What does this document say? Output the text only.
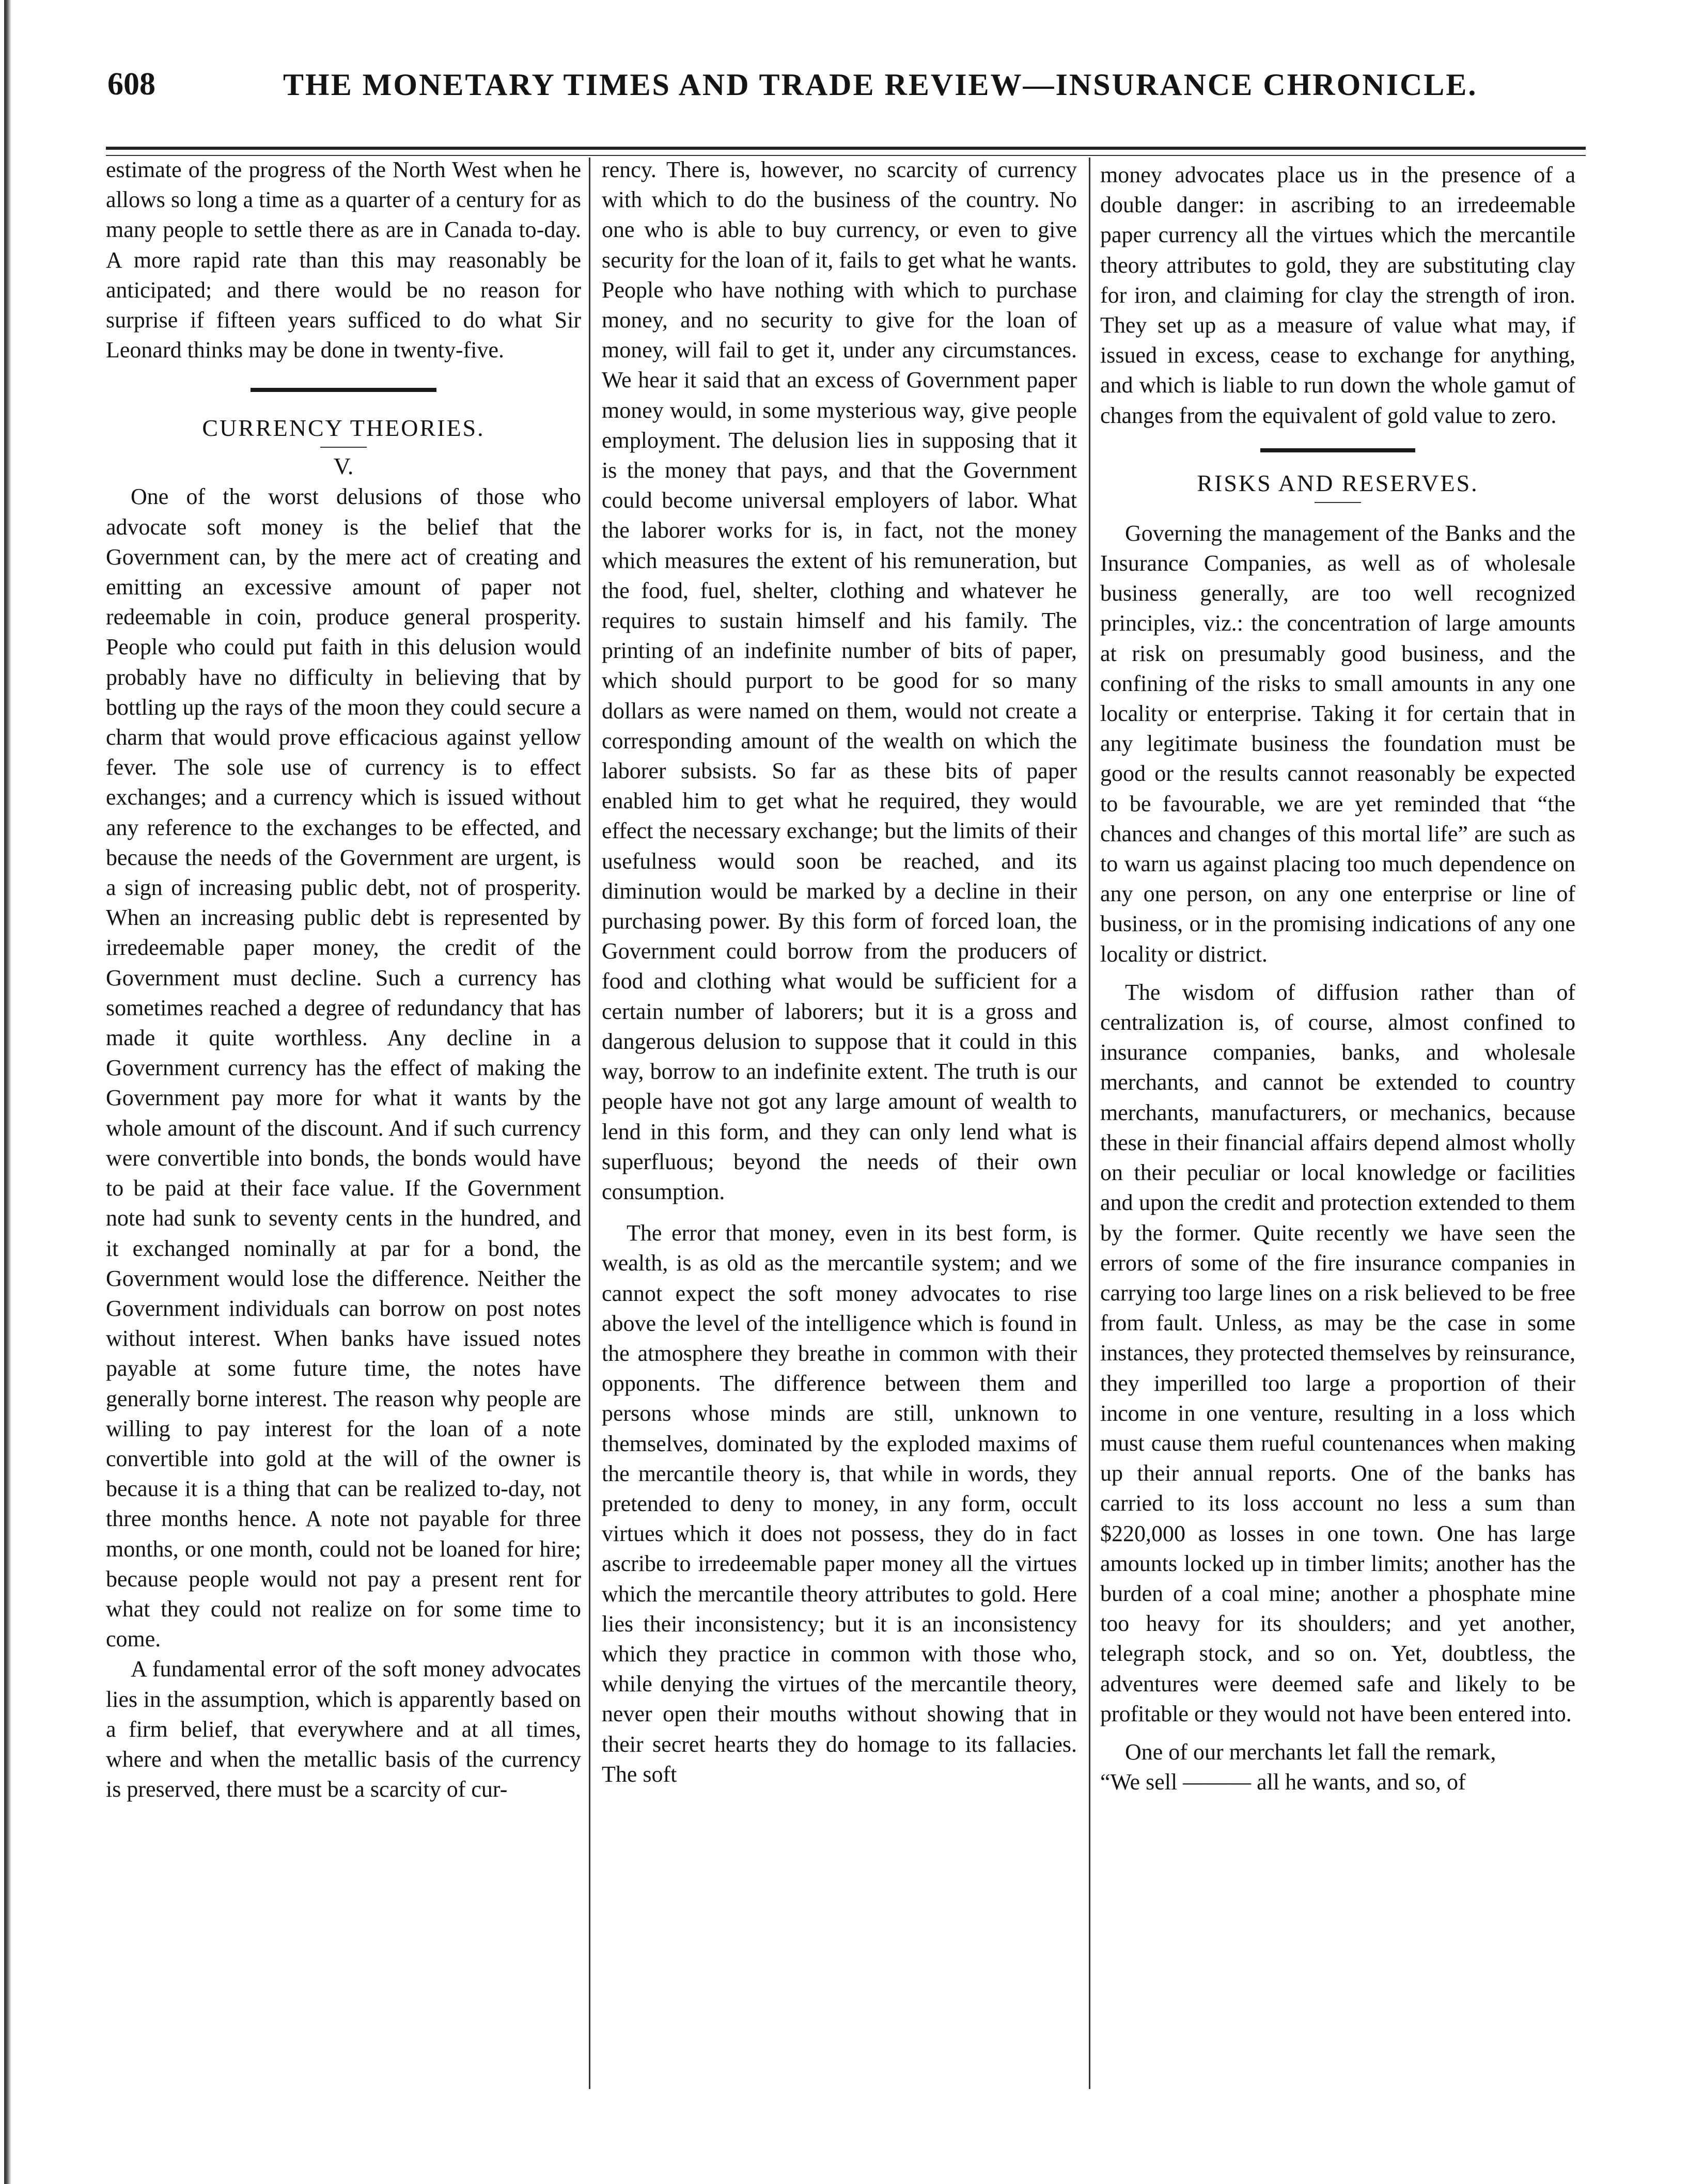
608	THE MONETARY TIMES AND TRADE REVIEW—INSURANCE CHRONICLE.

estimate of the progress of the North West when he allows so long a time as a quarter of a century for as many people to settle there as are in Canada to-day. A more rapid rate than this may reasonably be anticipated; and there would be no reason for surprise if fifteen years sufficed to do what Sir Leonard thinks may be done in twenty-five.

CURRENCY THEORIES.

V.

One of the worst delusions of those who advocate soft money is the belief that the Government can, by the mere act of creating and emitting an excessive amount of paper not redeemable in coin, produce general prosperity. People who could put faith in this delusion would probably have no difficulty in believing that by bottling up the rays of the moon they could secure a charm that would prove efficacious against yellow fever. The sole use of currency is to effect exchanges; and a currency which is issued without any reference to the exchanges to be effected, and because the needs of the Government are urgent, is a sign of increasing public debt, not of prosperity. When an increasing public debt is represented by irredeemable paper money, the credit of the Government must decline. Such a currency has sometimes reached a degree of redundancy that has made it quite worthless. Any decline in a Government currency has the effect of making the Government pay more for what it wants by the whole amount of the discount. And if such currency were convertible into bonds, the bonds would have to be paid at their face value. If the Government note had sunk to seventy cents in the hundred, and it exchanged nominally at par for a bond, the Government would lose the difference. Neither the Government individuals can borrow on post notes without interest. When banks have issued notes payable at some future time, the notes have generally borne interest. The reason why people are willing to pay interest for the loan of a note convertible into gold at the will of the owner is because it is a thing that can be realized to-day, not three months hence. A note not payable for three months, or one month, could not be loaned for hire; because people would not pay a present rent for what they could not realize on for some time to come.

A fundamental error of the soft money advocates lies in the assumption, which is apparently based on a firm belief, that everywhere and at all times, where and when the metallic basis of the currency is preserved, there must be a scarcity of cur-

rency. There is, however, no scarcity of currency with which to do the business of the country. No one who is able to buy currency, or even to give security for the loan of it, fails to get what he wants. People who have nothing with which to purchase money, and no security to give for the loan of money, will fail to get it, under any circumstances. We hear it said that an excess of Government paper money would, in some mysterious way, give people employment. The delusion lies in supposing that it is the money that pays, and that the Government could become universal employers of labor. What the laborer works for is, in fact, not the money which measures the extent of his remuneration, but the food, fuel, shelter, clothing and whatever he requires to sustain himself and his family. The printing of an indefinite number of bits of paper, which should purport to be good for so many dollars as were named on them, would not create a corresponding amount of the wealth on which the laborer subsists. So far as these bits of paper enabled him to get what he required, they would effect the necessary exchange; but the limits of their usefulness would soon be reached, and its diminution would be marked by a decline in their purchasing power. By this form of forced loan, the Government could borrow from the producers of food and clothing what would be sufficient for a certain number of laborers; but it is a gross and dangerous delusion to suppose that it could in this way, borrow to an indefinite extent. The truth is our people have not got any large amount of wealth to lend in this form, and they can only lend what is superfluous; beyond the needs of their own consumption.

The error that money, even in its best form, is wealth, is as old as the mercantile system; and we cannot expect the soft money advocates to rise above the level of the intelligence which is found in the atmosphere they breathe in common with their opponents. The difference between them and persons whose minds are still, unknown to themselves, dominated by the exploded maxims of the mercantile theory is, that while in words, they pretended to deny to money, in any form, occult virtues which it does not possess, they do in fact ascribe to irredeemable paper money all the virtues which the mercantile theory attributes to gold. Here lies their inconsistency; but it is an inconsistency which they practice in common with those who, while denying the virtues of the mercantile theory, never open their mouths without showing that in their secret hearts they do homage to its fallacies. The soft

money advocates place us in the presence of a double danger: in ascribing to an irredeemable paper currency all the virtues which the mercantile theory attributes to gold, they are substituting clay for iron, and claiming for clay the strength of iron. They set up as a measure of value what may, if issued in excess, cease to exchange for anything, and which is liable to run down the whole gamut of changes from the equivalent of gold value to zero.

RISKS AND RESERVES.

Governing the management of the Banks and the Insurance Companies, as well as of wholesale business generally, are too well recognized principles, viz.: the concentration of large amounts at risk on presumably good business, and the confining of the risks to small amounts in any one locality or enterprise. Taking it for certain that in any legitimate business the foundation must be good or the results cannot reasonably be expected to be favourable, we are yet reminded that “the chances and changes of this mortal life” are such as to warn us against placing too much dependence on any one person, on any one enterprise or line of business, or in the promising indications of any one locality or district.

The wisdom of diffusion rather than of centralization is, of course, almost confined to insurance companies, banks, and wholesale merchants, and cannot be extended to country merchants, manufacturers, or mechanics, because these in their financial affairs depend almost wholly on their peculiar or local knowledge or facilities and upon the credit and protection extended to them by the former. Quite recently we have seen the errors of some of the fire insurance companies in carrying too large lines on a risk believed to be free from fault. Unless, as may be the case in some instances, they protected themselves by reinsurance, they imperilled too large a proportion of their income in one venture, resulting in a loss which must cause them rueful countenances when making up their annual reports. One of the banks has carried to its loss account no less a sum than $220,000 as losses in one town. One has large amounts locked up in timber limits; another has the burden of a coal mine; another a phosphate mine too heavy for its shoulders; and yet another, telegraph stock, and so on. Yet, doubtless, the adventures were deemed safe and likely to be profitable or they would not have been entered into.

One of our merchants let fall the remark,

“We sell ——— all he wants, and so, of
